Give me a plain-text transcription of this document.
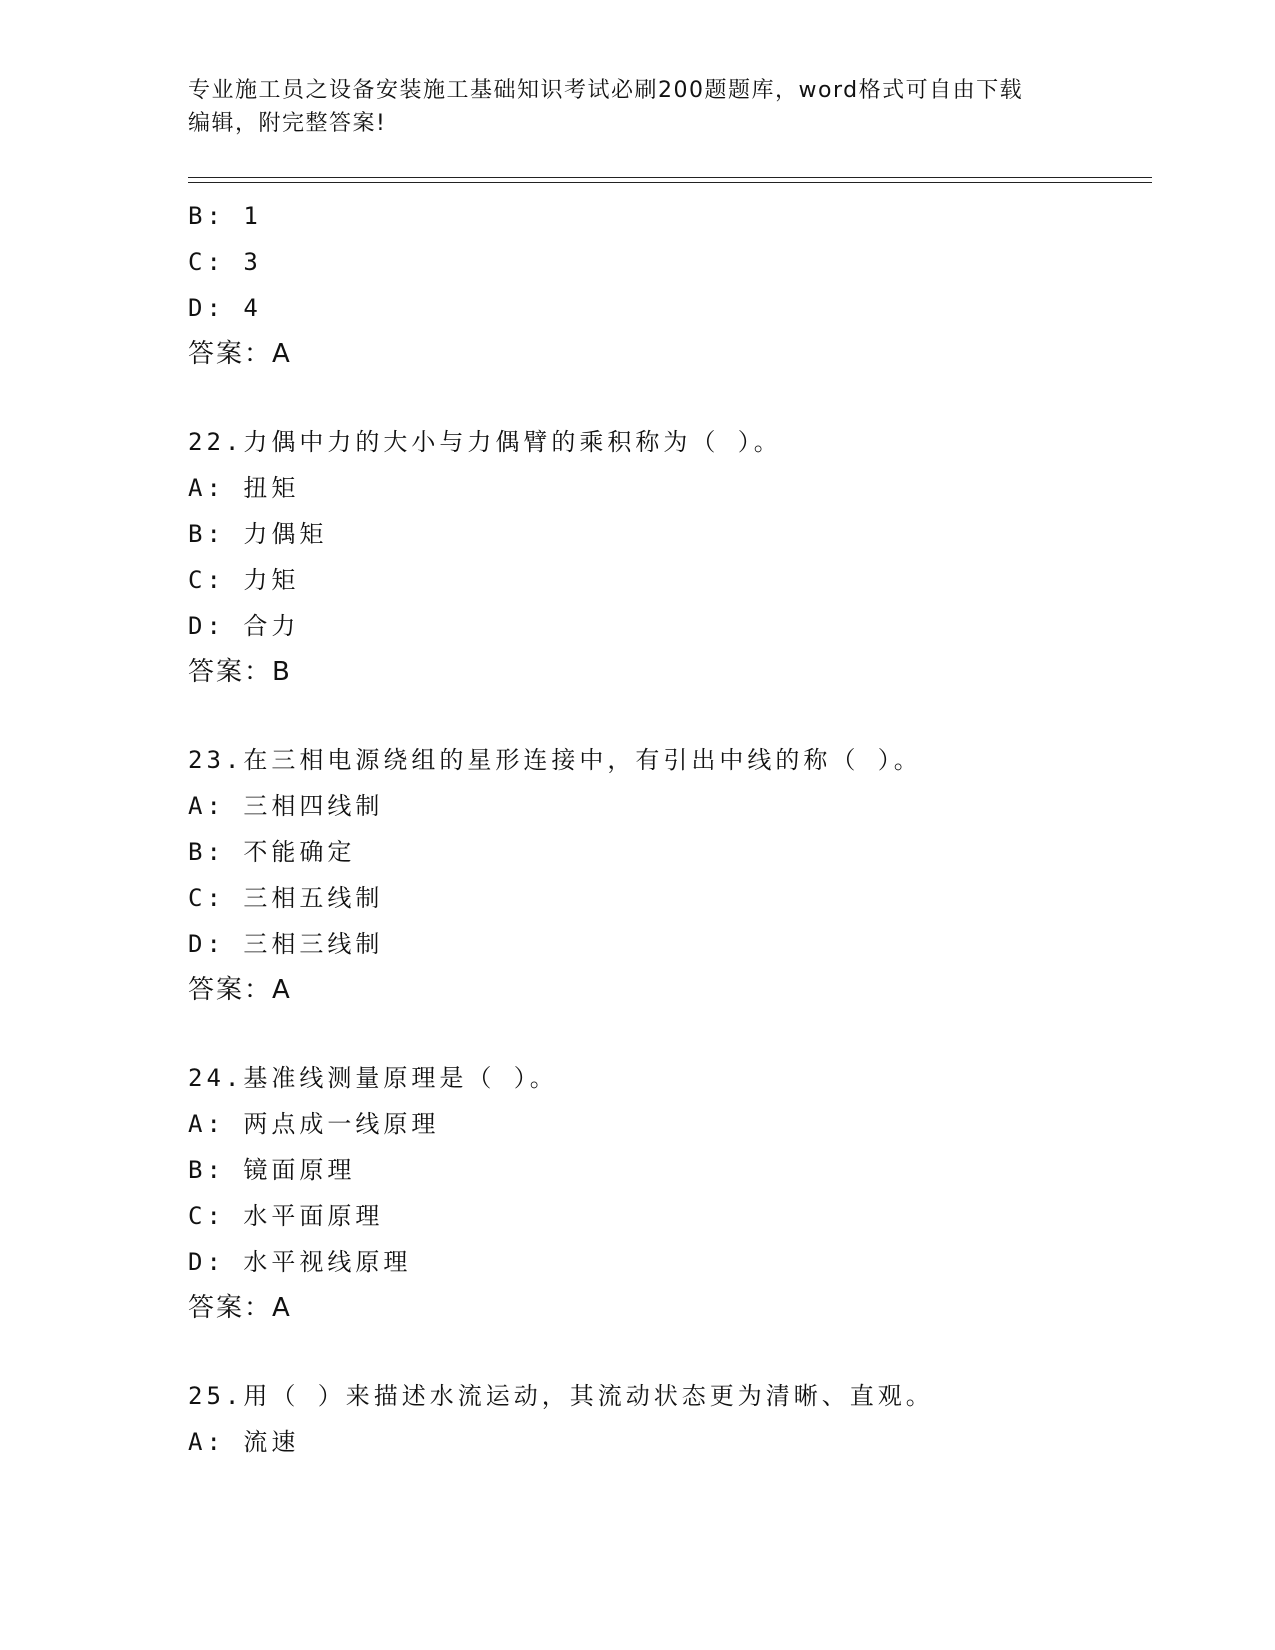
专业施工员之设备安装施工基础知识考试必刷200题题库，word格式可自由下载
编辑，附完整答案!
B: 1
C: 3
D: 4
答案：A
22.力偶中力的大小与力偶臂的乘积称为（ ）。
A: 扭矩
B: 力偶矩
C: 力矩
D: 合力
答案：B
23.在三相电源绕组的星形连接中，有引出中线的称（ ）。
A: 三相四线制
B: 不能确定
C: 三相五线制
D: 三相三线制
答案：A
24.基准线测量原理是（ ）。
A: 两点成一线原理
B: 镜面原理
C: 水平面原理
D: 水平视线原理
答案：A
25.用（ ）来描述水流运动，其流动状态更为清晰、直观。
A: 流速
